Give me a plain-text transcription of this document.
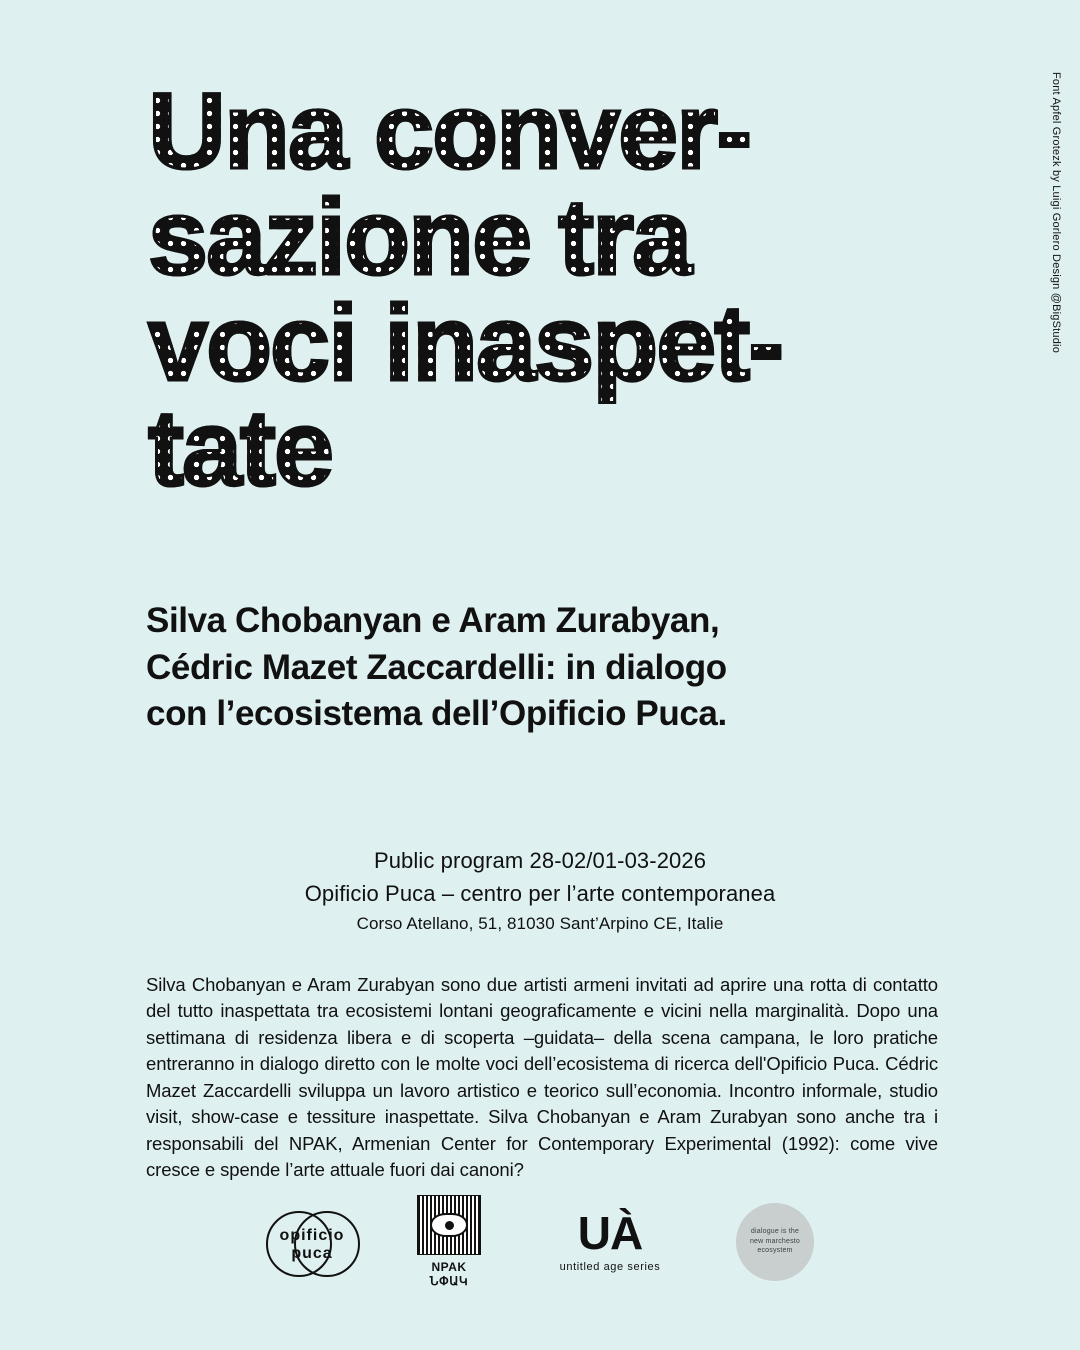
Font Apfel Grotezk by Luigi Gorlero Design @BigStudio
Una conver-
sazione tra
voci inaspet-
tate
Silva Chobanyan e Aram Zurabyan,
Cédric Mazet Zaccardelli: in dialogo
con l’ecosistema dell’Opificio Puca.
Public program 28-02/01-03-2026
Opificio Puca – centro per l’arte contemporanea
Corso Atellano, 51, 81030 Sant’Arpino CE, Italie
Silva Chobanyan e Aram Zurabyan sono due artisti armeni invitati ad aprire una rotta di contatto del tutto inaspettata tra ecosistemi lontani geograficamente e vicini nella marginalità. Dopo una settimana di residenza libera e di scoperta –guidata– della scena campana, le loro pratiche entreranno in dialogo diretto con le molte voci dell’ecosistema di ricerca dell'Opificio Puca. Cédric Mazet Zaccardelli sviluppa un lavoro artistico e teorico sull’economia. Incontro informale, studio visit, show-case e tessiture inaspettate. Silva Chobanyan e Aram Zurabyan sono anche tra i responsabili del NPAK, Armenian Center for Contemporary Experimental (1992): come vive cresce e spende l’arte attuale fuori dai canoni?
opificio
puca
NPAK ՆՓԱԿ
UÀ
untitled age series
dialogue is the new marchesto ecosystem
